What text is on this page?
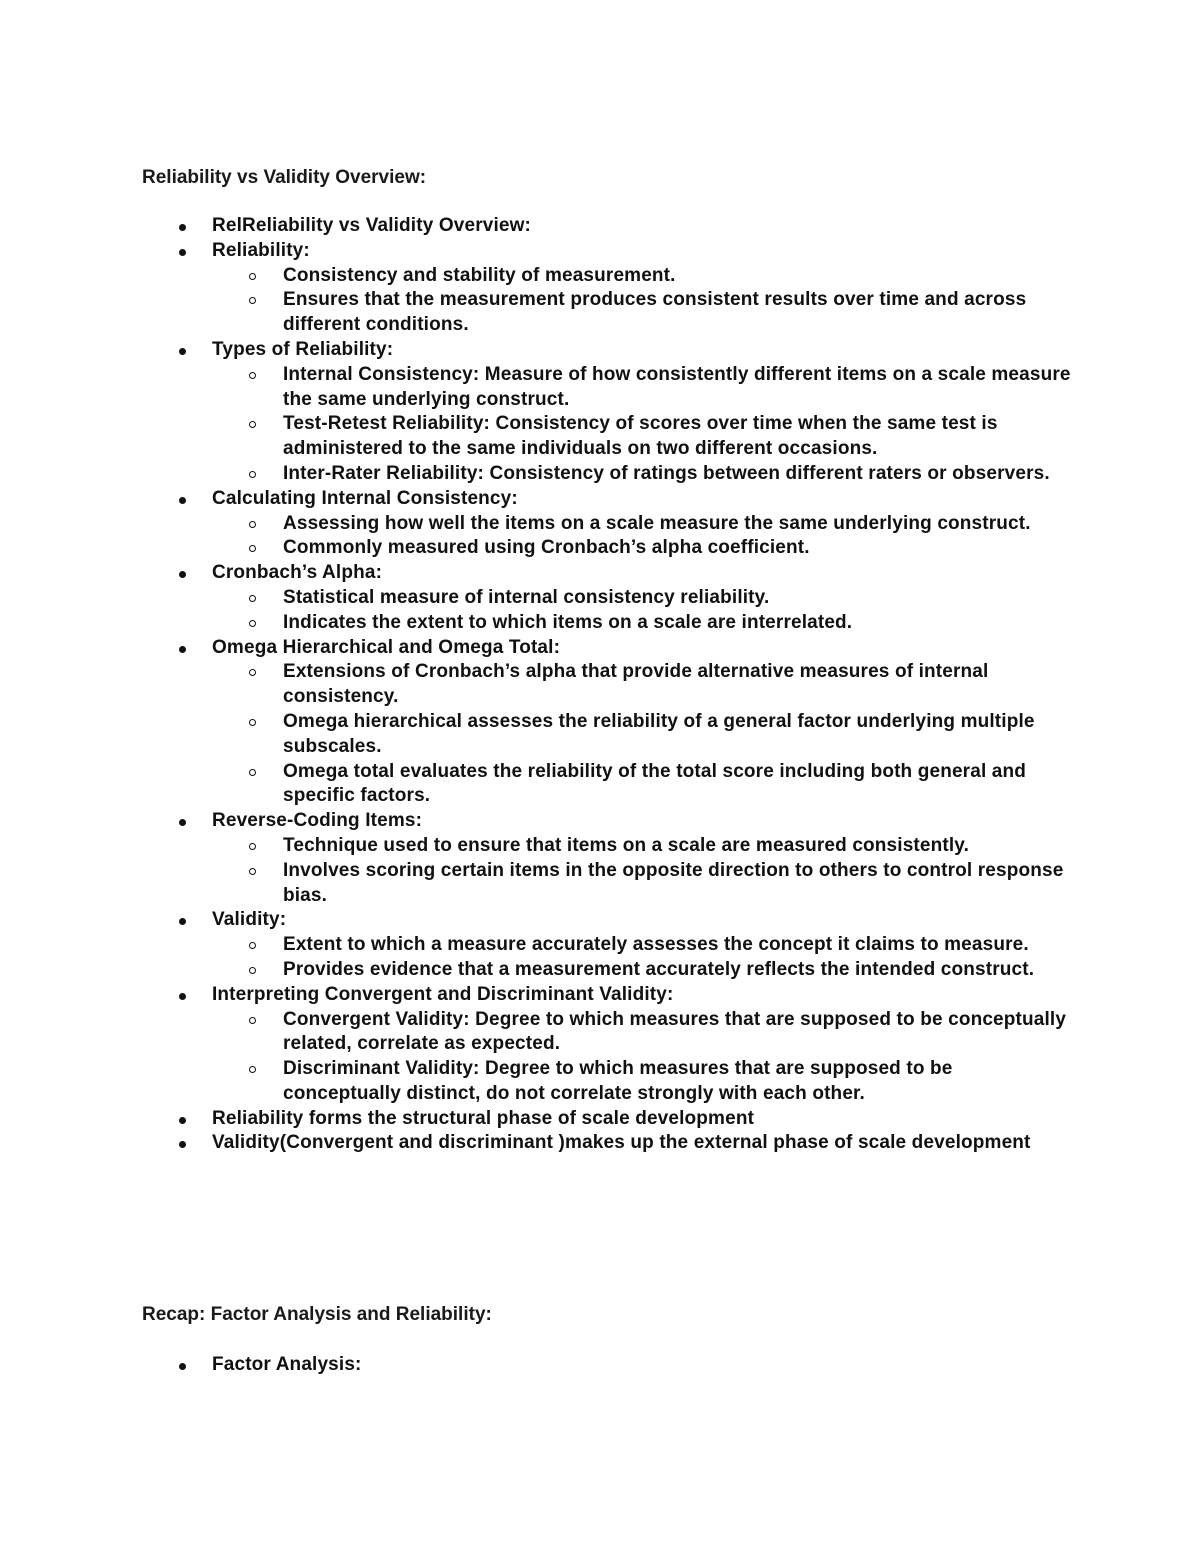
Reliability vs Validity Overview:
RelReliability vs Validity Overview:
Reliability:
Consistency and stability of measurement.
Ensures that the measurement produces consistent results over time and across different conditions.
Types of Reliability:
Internal Consistency: Measure of how consistently different items on a scale measure the same underlying construct.
Test-Retest Reliability: Consistency of scores over time when the same test is administered to the same individuals on two different occasions.
Inter-Rater Reliability: Consistency of ratings between different raters or observers.
Calculating Internal Consistency:
Assessing how well the items on a scale measure the same underlying construct.
Commonly measured using Cronbach’s alpha coefficient.
Cronbach’s Alpha:
Statistical measure of internal consistency reliability.
Indicates the extent to which items on a scale are interrelated.
Omega Hierarchical and Omega Total:
Extensions of Cronbach’s alpha that provide alternative measures of internal consistency.
Omega hierarchical assesses the reliability of a general factor underlying multiple subscales.
Omega total evaluates the reliability of the total score including both general and specific factors.
Reverse-Coding Items:
Technique used to ensure that items on a scale are measured consistently.
Involves scoring certain items in the opposite direction to others to control response bias.
Validity:
Extent to which a measure accurately assesses the concept it claims to measure.
Provides evidence that a measurement accurately reflects the intended construct.
Interpreting Convergent and Discriminant Validity:
Convergent Validity: Degree to which measures that are supposed to be conceptually related, correlate as expected.
Discriminant Validity: Degree to which measures that are supposed to be conceptually distinct, do not correlate strongly with each other.
Reliability forms the structural phase of scale development
Validity(Convergent and discriminant )makes up the external phase of scale development
Recap: Factor Analysis and Reliability:
Factor Analysis:
